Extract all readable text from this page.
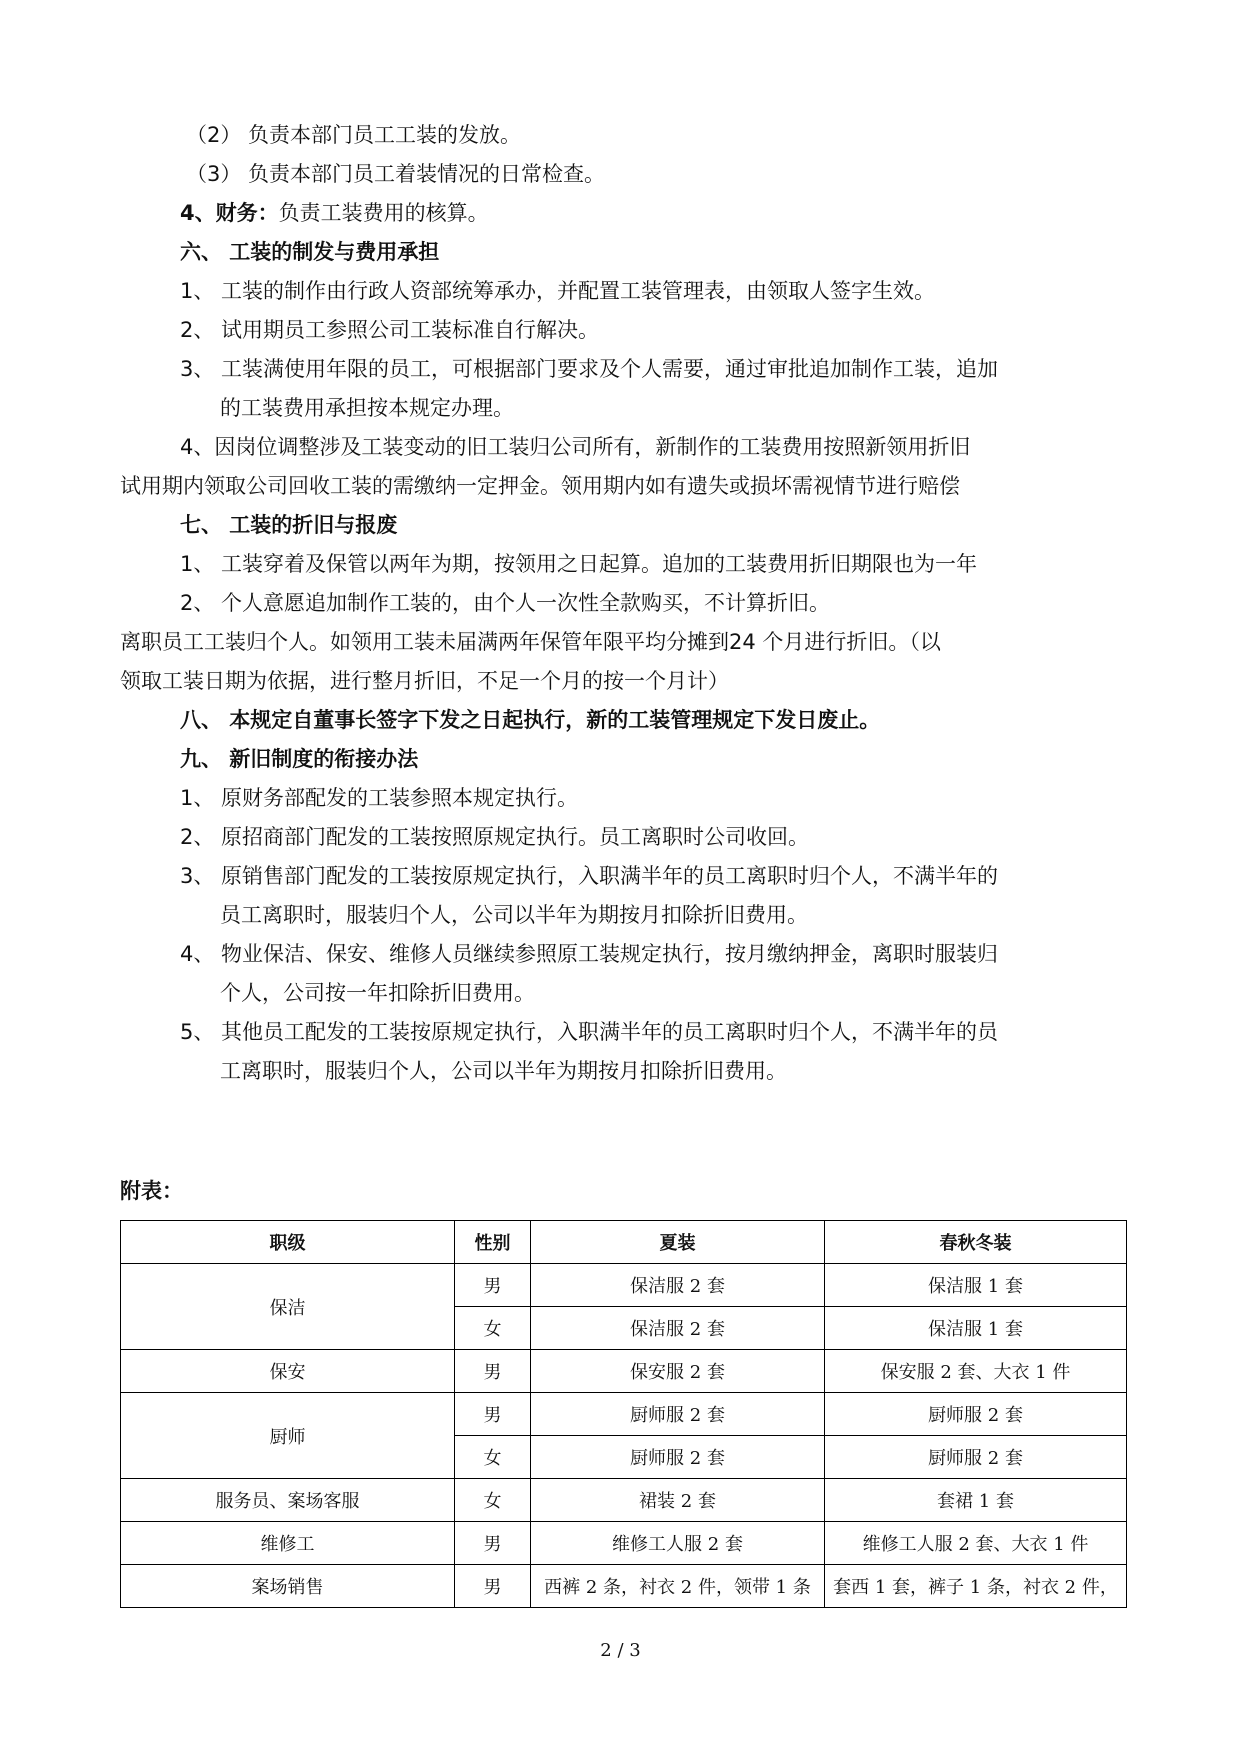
（2） 负责本部门员工工装的发放。
（3） 负责本部门员工着装情况的日常检查。
4、财务：负责工装费用的核算。
六、 工装的制发与费用承担
1、 工装的制作由行政人资部统筹承办，并配置工装管理表，由领取人签字生效。
2、 试用期员工参照公司工装标准自行解决。
3、 工装满使用年限的员工，可根据部门要求及个人需要，通过审批追加制作工装，追加
的工装费用承担按本规定办理。
4、因岗位调整涉及工装变动的旧工装归公司所有，新制作的工装费用按照新领用折旧
试用期内领取公司回收工装的需缴纳一定押金。领用期内如有遗失或损坏需视情节进行赔偿
七、 工装的折旧与报废
1、 工装穿着及保管以两年为期，按领用之日起算。追加的工装费用折旧期限也为一年
2、 个人意愿追加制作工装的，由个人一次性全款购买，不计算折旧。
离职员工工装归个人。如领用工装未届满两年保管年限平均分摊到24 个月进行折旧。（以
领取工装日期为依据，进行整月折旧，不足一个月的按一个月计）
八、 本规定自董事长签字下发之日起执行，新的工装管理规定下发日废止。
九、 新旧制度的衔接办法
1、 原财务部配发的工装参照本规定执行。
2、 原招商部门配发的工装按照原规定执行。员工离职时公司收回。
3、 原销售部门配发的工装按原规定执行，入职满半年的员工离职时归个人，不满半年的
员工离职时，服装归个人，公司以半年为期按月扣除折旧费用。
4、 物业保洁、保安、维修人员继续参照原工装规定执行，按月缴纳押金，离职时服装归
个人，公司按一年扣除折旧费用。
5、 其他员工配发的工装按原规定执行，入职满半年的员工离职时归个人，不满半年的员
工离职时，服装归个人，公司以半年为期按月扣除折旧费用。
附表：
职级	性别	夏装	春秋冬装
保洁	男	保洁服 2 套	保洁服 1 套
	女	保洁服 2 套	保洁服 1 套
保安	男	保安服 2 套	保安服 2 套、大衣 1 件
厨师	男	厨师服 2 套	厨师服 2 套
	女	厨师服 2 套	厨师服 2 套
服务员、案场客服	女	裙装 2 套	套裙 1 套
维修工	男	维修工人服 2 套	维修工人服 2 套、大衣 1 件
案场销售	男	西裤 2 条，衬衣 2 件，领带 1 条	套西 1 套，裤子 1 条，衬衣 2 件，
2 / 3
